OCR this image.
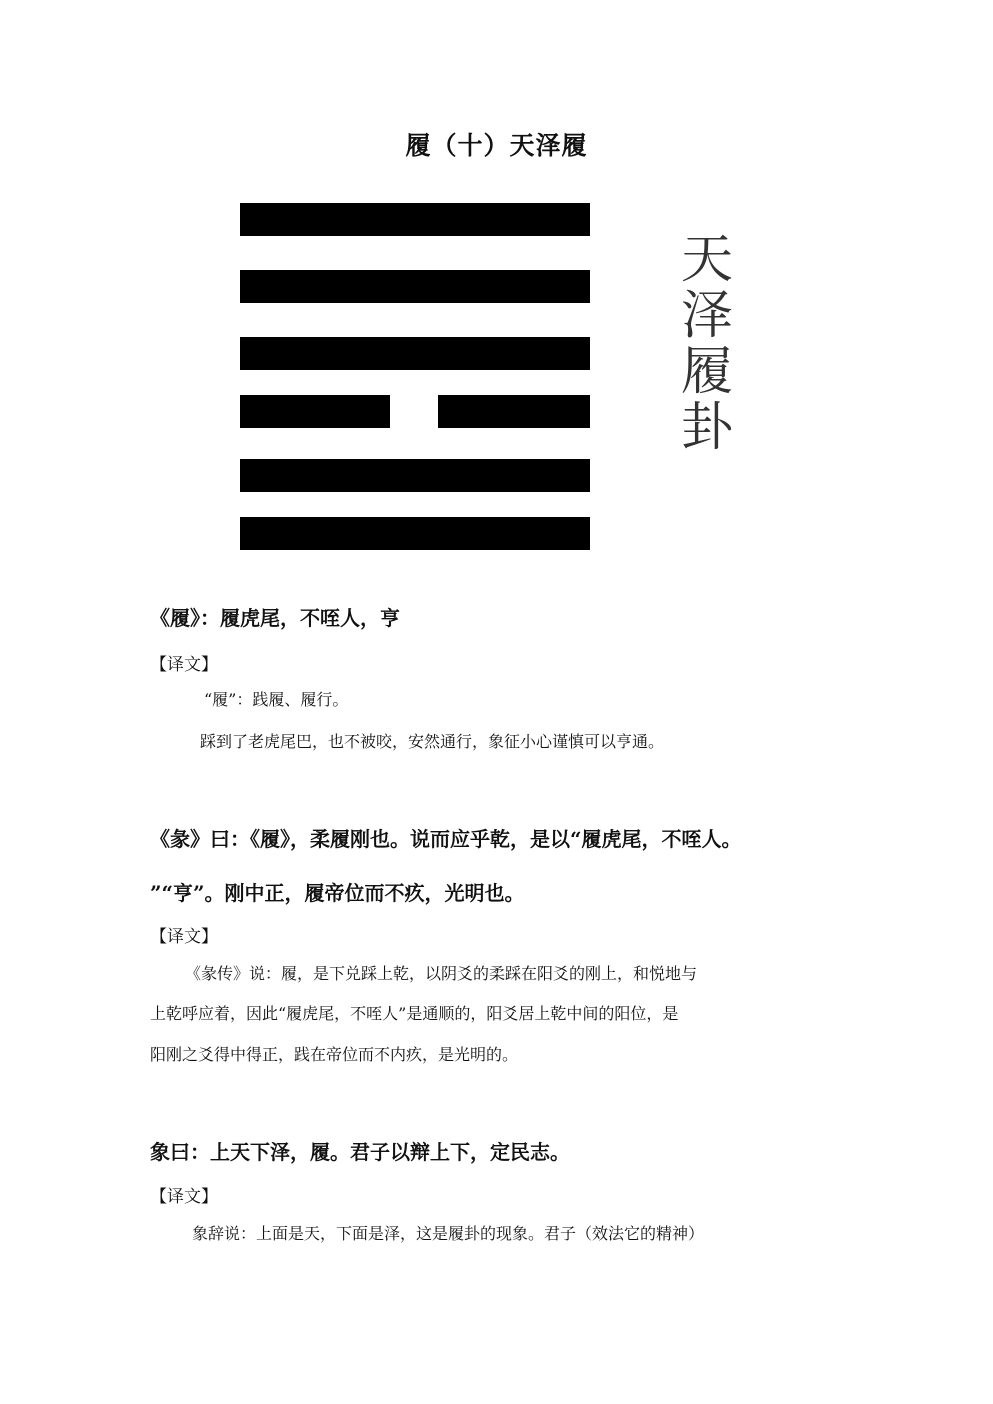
履（十）天泽履
天
泽
履
卦
《履》：履虎尾，不咥人，亨
【译文】
“履”：践履、履行。
踩到了老虎尾巴，也不被咬，安然通行，象征小心谨慎可以亨通。
《彖》曰：《履》，柔履刚也。说而应乎乾，是以“履虎尾，不咥人。
”“亨”。刚中正，履帝位而不疚，光明也。
【译文】
《彖传》说：履，是下兑踩上乾，以阴爻的柔踩在阳爻的刚上，和悦地与
上乾呼应着，因此“履虎尾，不咥人”是通顺的，阳爻居上乾中间的阳位，是
阳刚之爻得中得正，践在帝位而不内疚，是光明的。
象曰：上天下泽，履。君子以辩上下，定民志。
【译文】
象辞说：上面是天，下面是泽，这是履卦的现象。君子（效法它的精神）
